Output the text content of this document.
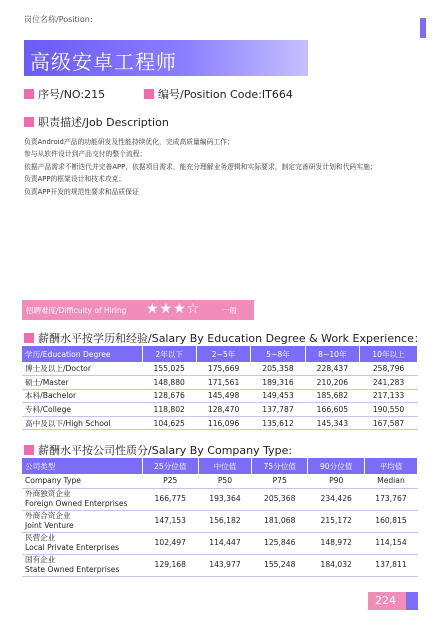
岗位名称/Position:
高级安卓工程师
序号/NO:215	编号/Position Code:IT664
职责描述/Job Description
负责Android产品的功能研发及性能持续优化，完成高质量编码工作；
参与从软件设计到产品交付的整个流程；
依据产品需求不断迭代并完善APP，依据项目需求，能充分理解业务逻辑和实际要求，制定完善研发计划和代码实施；
负责APP的框架设计和技术攻克；
负责APP开发的规范性要求和品质保证
招聘难度/Difficulty of Hiring ★★★☆	一般
薪酬水平按学历和经验/Salary By Education Degree & Work Experience：
学历/Education Degree	2年以下	2~5年	5~8年	8~10年	10年以上
博士及以上/Doctor	155,025	175,669	205,358	228,437	258,796
硕士/Master	148,880	171,561	189,316	210,206	241,283
本科/Bachelor	128,676	145,498	149,453	185,682	217,133
专科/College	118,802	128,470	137,787	166,605	190,550
高中及以下/High School	104,625	116,096	135,612	145,343	167,587
薪酬水平按公司性质分/Salary By Company Type:
公司类型	25分位值	中位值	75分位值	90分位值	平均值
Company Type	P25	P50	P75	P90	Median

外商独资企业
Foreign Owned Enterprises	166,775	193,364	205,368	234,426	173,767

外商合资企业
Joint Venture	147,153	156,182	181,068	215,172	160,815

民营企业
Local Private Enterprises	102,497	114,447	125,846	148,972	114,154

国有企业
State Owned Enterprises	129,168	143,977	155,248	184,032	137,811
224
